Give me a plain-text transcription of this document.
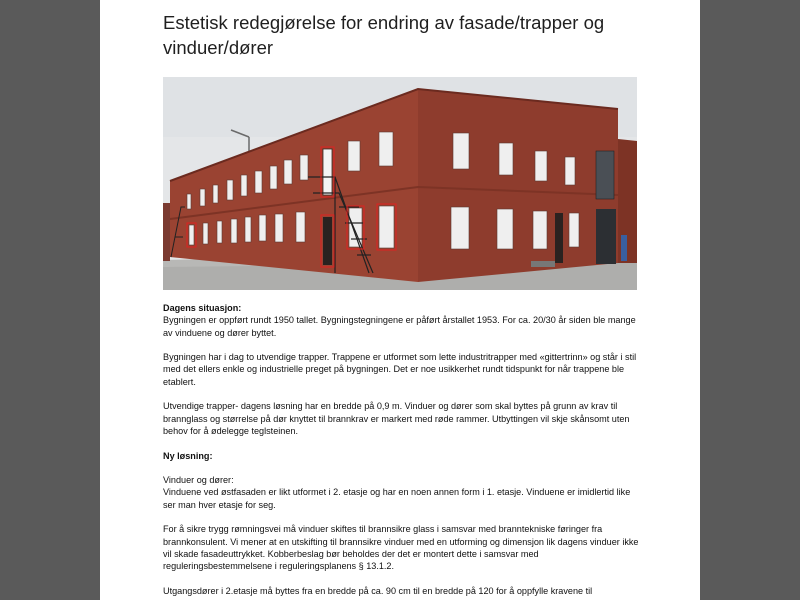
Estetisk redegjørelse for endring av fasade/trapper og vinduer/dører

Dagens situasjon:
Bygningen er oppført rundt 1950 tallet. Bygningstegningene er påført årstallet 1953. For ca. 20/30 år siden ble mange av vinduene og dører byttet.

Bygningen har i dag to utvendige trapper. Trappene er utformet som lette industritrapper med «gittertrinn» og står i stil med det ellers enkle og industrielle preget på bygningen. Det er noe usikkerhet rundt tidspunkt for når trappene ble etablert.

Utvendige trapper- dagens løsning har en bredde på 0,9 m. Vinduer og dører som skal byttes på grunn av krav til brannglass og størrelse på dør knyttet til brannkrav er markert med røde rammer. Utbyttingen vil skje skånsomt uten behov for å ødelegge teglsteinen.

Ny løsning:

Vinduer og dører:
Vinduene ved østfasaden er likt utformet i 2. etasje og har en noen annen form i 1. etasje. Vinduene er imidlertid like ser man hver etasje for seg.

For å sikre trygg rømningsvei må vinduer skiftes til brannsikre glass i samsvar med branntekniske føringer fra brannkonsulent. Vi mener at en utskifting til brannsikre vinduer med en utforming og dimensjon lik dagens vinduer ikke vil skade fasadeuttrykket. Kobberbeslag bør beholdes der det er montert dette i samsvar med reguleringsbestemmelsene i reguleringsplanens § 13.1.2.

Utgangsdører i 2.etasje må byttes fra en bredde på ca. 90 cm til en bredde på 120 for å oppfylle kravene til
